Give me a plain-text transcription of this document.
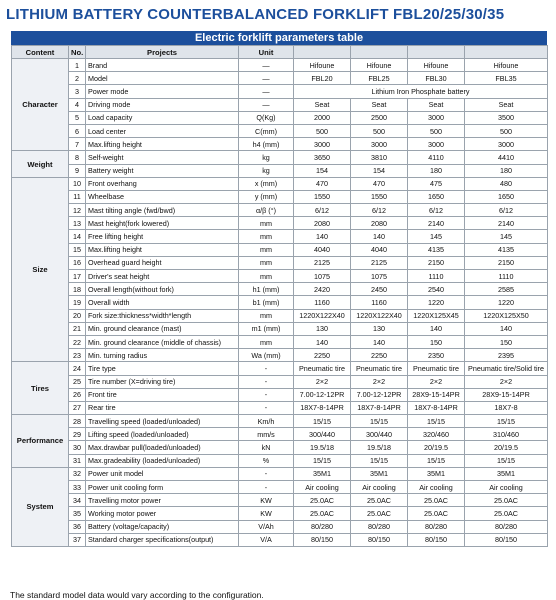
LITHIUM BATTERY COUNTERBALANCED FORKLIFT FBL20/25/30/35
Electric forklift parameters table
Content	No.	Projects	Unit				
Character	1	Brand	—	Hifoune	Hifoune	Hifoune	Hifoune
	2	Model	—	FBL20	FBL25	FBL30	FBL35
	3	Power mode	—	Lithium Iron Phosphate battery			
	4	Driving mode	—	Seat	Seat	Seat	Seat
	5	Load capacity	Q(Kg)	2000	2500	3000	3500
	6	Load center	C(mm)	500	500	500	500
	7	Max.lifting height	h4 (mm)	3000	3000	3000	3000
Weight	8	Self-weight	kg	3650	3810	4110	4410
	9	Battery weight	kg	154	154	180	180
Size	10	Front overhang	x (mm)	470	470	475	480
	11	Wheelbase	y (mm)	1550	1550	1650	1650
	12	Mast tilting angle (fwd/bwd)	α/β (°)	6/12	6/12	6/12	6/12
	13	Mast height(fork lowered)	mm	2080	2080	2140	2140
	14	Free lifting height	mm	140	140	145	145
	15	Max.lifting height	mm	4040	4040	4135	4135
	16	Overhead guard height	mm	2125	2125	2150	2150
	17	Driver's seat height	mm	1075	1075	1110	1110
	18	Overall length(without fork)	h1 (mm)	2420	2450	2540	2585
	19	Overall width	b1 (mm)	1160	1160	1220	1220
	20	Fork size:thickness*width*length	mm	1220X122X40	1220X122X40	1220X125X45	1220X125X50
	21	Min. ground clearance (mast)	m1 (mm)	130	130	140	140
	22	Min. ground clearance (middle of chassis)	mm	140	140	150	150
	23	Min. turning radius	Wa (mm)	2250	2250	2350	2395
Tires	24	Tire type	-	Pneumatic tire	Pneumatic tire	Pneumatic tire	Pneumatic tire/Solid tire
	25	Tire number (X=driving tire)	-	2×2	2×2	2×2	2×2
	26	Front tire	-	7.00-12-12PR	7.00-12-12PR	28X9-15-14PR	28X9-15-14PR
	27	Rear tire	-	18X7-8-14PR	18X7-8-14PR	18X7-8-14PR	18X7-8
Performance	28	Travelling speed (loaded/unloaded)	Km/h	15/15	15/15	15/15	15/15
	29	Lifting speed (loaded/unloaded)	mm/s	300/440	300/440	320/460	310/460
	30	Max.drawbar pull(loaded/unloaded)	kN	19.5/18	19.5/18	20/19.5	20/19.5
	31	Max.gradeability (loaded/unloaded)	%	15/15	15/15	15/15	15/15
System	32	Power unit model	-	35M1	35M1	35M1	35M1
	33	Power unit cooling form	-	Air cooling	Air cooling	Air cooling	Air cooling
	34	Travelling motor power	KW	25.0AC	25.0AC	25.0AC	25.0AC
	35	Working motor power	KW	25.0AC	25.0AC	25.0AC	25.0AC
	36	Battery (voltage/capacity)	V/Ah	80/280	80/280	80/280	80/280
	37	Standard charger specifications(output)	V/A	80/150	80/150	80/150	80/150
The standard model data would vary according to the configuration.
